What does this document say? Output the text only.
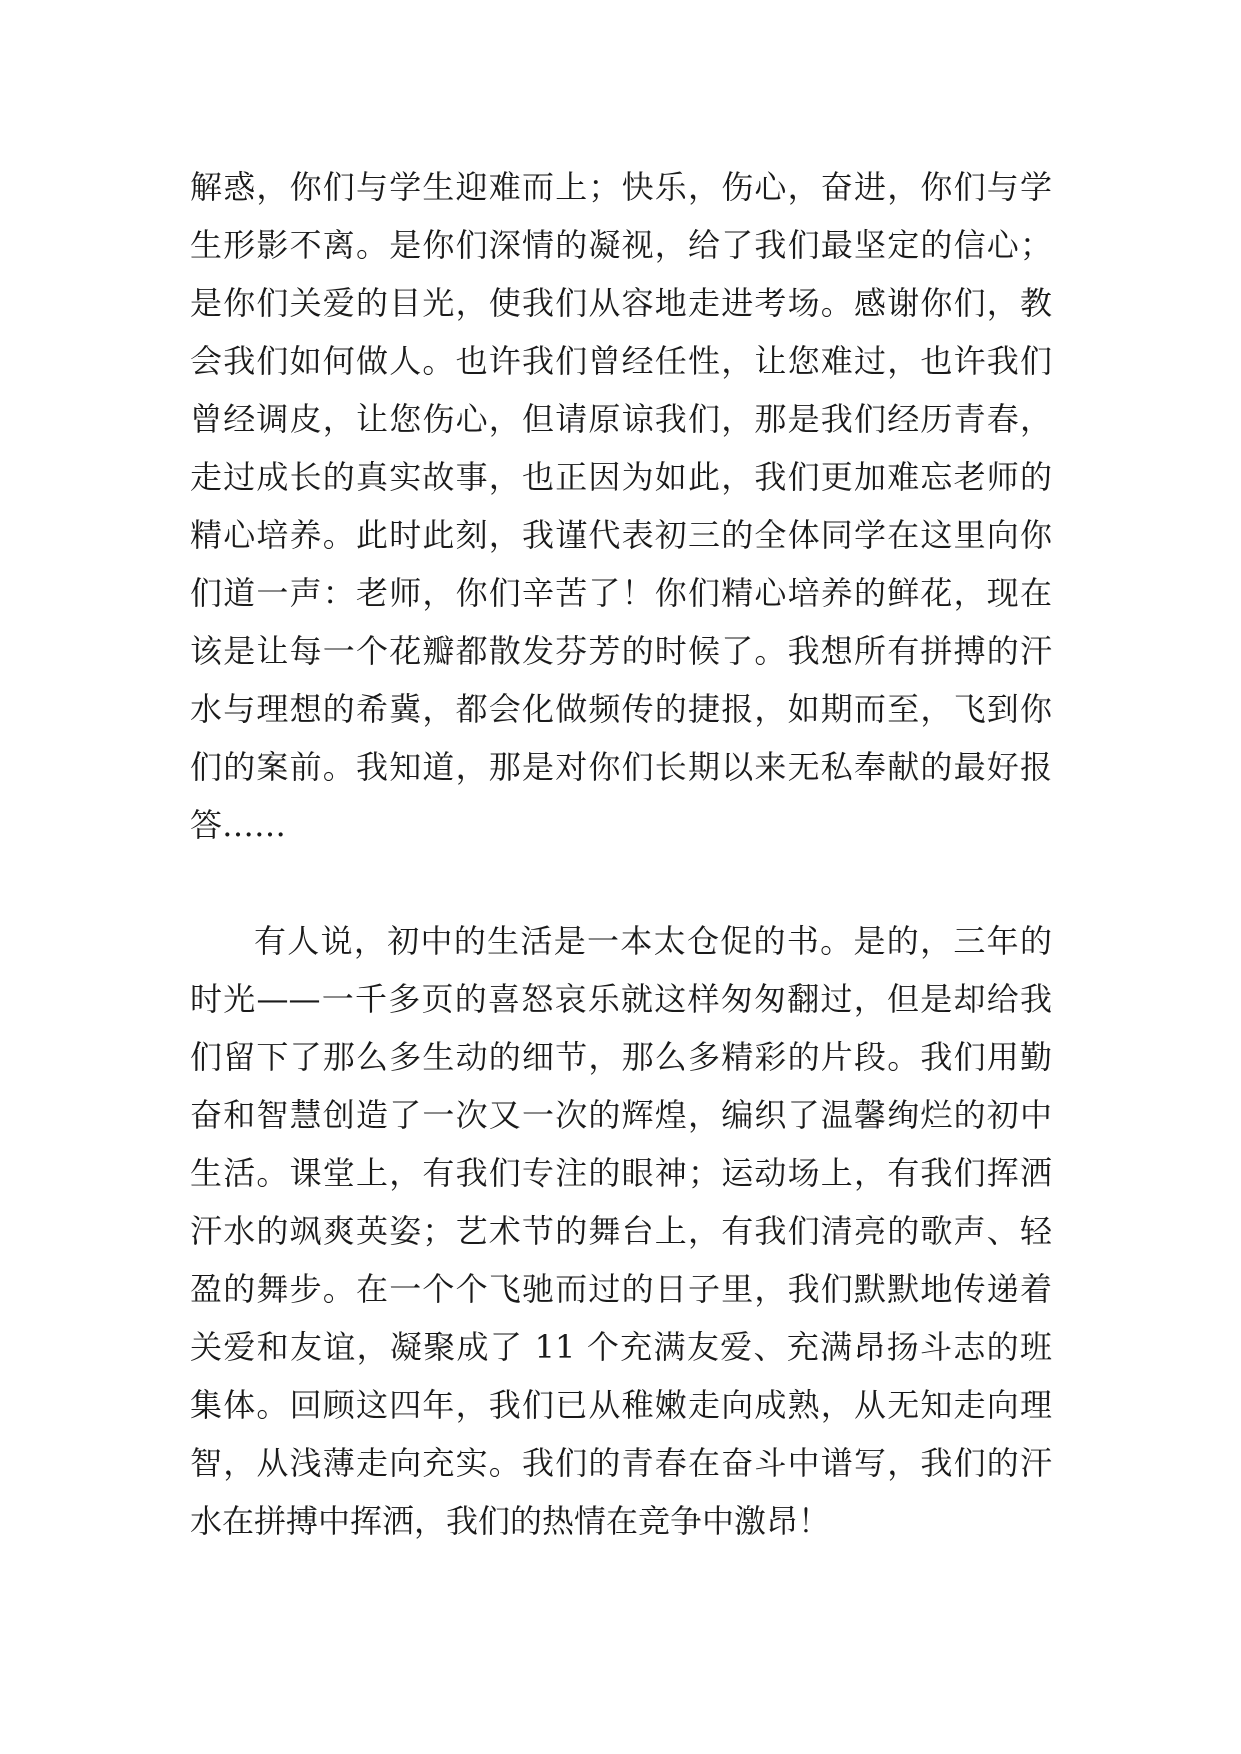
解惑，你们与学生迎难而上；快乐，伤心，奋进，你们与学
生形影不离。是你们深情的凝视，给了我们最坚定的信心；
是你们关爱的目光，使我们从容地走进考场。感谢你们，教
会我们如何做人。也许我们曾经任性，让您难过，也许我们
曾经调皮，让您伤心，但请原谅我们，那是我们经历青春，
走过成长的真实故事，也正因为如此，我们更加难忘老师的
精心培养。此时此刻，我谨代表初三的全体同学在这里向你
们道一声：老师，你们辛苦了！你们精心培养的鲜花，现在
该是让每一个花瓣都散发芬芳的时候了。我想所有拼搏的汗
水与理想的希冀，都会化做频传的捷报，如期而至，飞到你
们的案前。我知道，那是对你们长期以来无私奉献的最好报
答……
有人说，初中的生活是一本太仓促的书。是的，三年的
时光——一千多页的喜怒哀乐就这样匆匆翻过，但是却给我
们留下了那么多生动的细节，那么多精彩的片段。我们用勤
奋和智慧创造了一次又一次的辉煌，编织了温馨绚烂的初中
生活。课堂上，有我们专注的眼神；运动场上，有我们挥洒
汗水的飒爽英姿；艺术节的舞台上，有我们清亮的歌声、轻
盈的舞步。在一个个飞驰而过的日子里，我们默默地传递着
关爱和友谊，凝聚成了 11 个充满友爱、充满昂扬斗志的班
集体。回顾这四年，我们已从稚嫩走向成熟，从无知走向理
智，从浅薄走向充实。我们的青春在奋斗中谱写，我们的汗
水在拼搏中挥洒，我们的热情在竞争中激昂！
